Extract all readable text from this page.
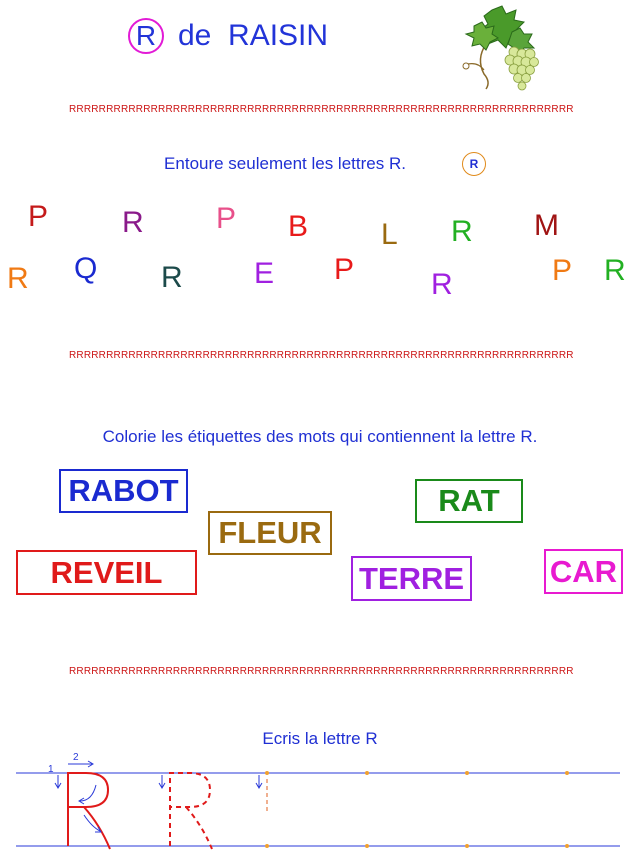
R de  RAISIN
RRRRRRRRRRRRRRRRRRRRRRRRRRRRRRRRRRRRRRRRRRRRRRRRRRRRRRRRRRRRRRRRRRRR
Entoure seulement les lettres R.	R
P R P B L R M
R Q R E P	R	P R
RRRRRRRRRRRRRRRRRRRRRRRRRRRRRRRRRRRRRRRRRRRRRRRRRRRRRRRRRRRRRRRRRRRR
Colorie les étiquettes des mots qui contiennent la lettre R.
RABOT
FLEUR
RAT
REVEIL	TERRE	CAR
RRRRRRRRRRRRRRRRRRRRRRRRRRRRRRRRRRRRRRRRRRRRRRRRRRRRRRRRRRRRRRRRRRRR
Ecris la lettre R
1
2
